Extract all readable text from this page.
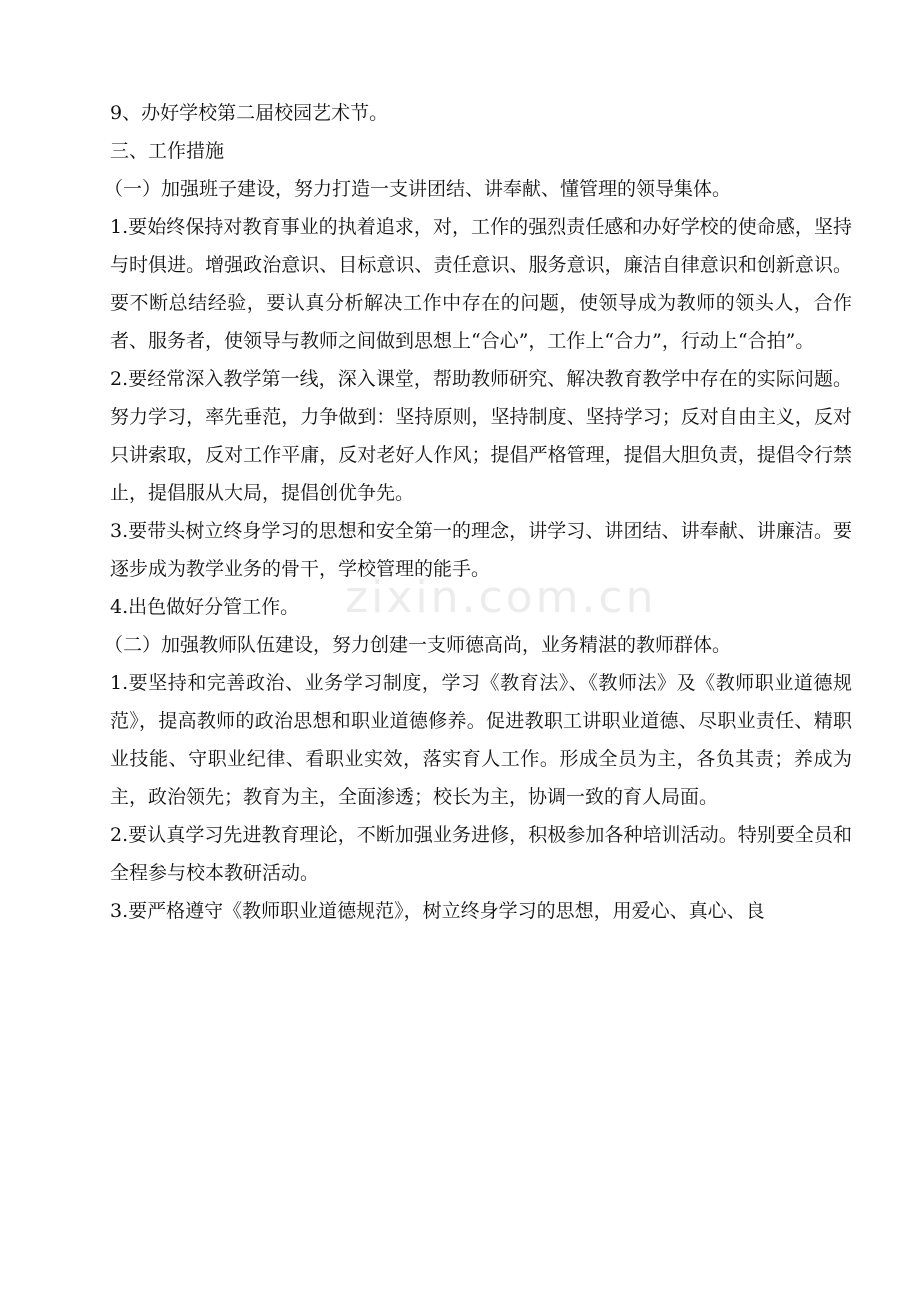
zixin.com.cn

9、办好学校第二届校园艺术节。

三、工作措施

（一）加强班子建设，努力打造一支讲团结、讲奉献、懂管理的领导集体。

1.要始终保持对教育事业的执着追求，对，工作的强烈责任感和办好学校的使命感，坚持与时俱进。增强政治意识、目标意识、责任意识、服务意识，廉洁自律意识和创新意识。要不断总结经验，要认真分析解决工作中存在的问题，使领导成为教师的领头人，合作者、服务者，使领导与教师之间做到思想上“合心”，工作上“合力”，行动上“合拍”。

2.要经常深入教学第一线，深入课堂，帮助教师研究、解决教育教学中存在的实际问题。努力学习，率先垂范，力争做到：坚持原则，坚持制度、坚持学习；反对自由主义，反对只讲索取，反对工作平庸，反对老好人作风；提倡严格管理，提倡大胆负责，提倡令行禁止，提倡服从大局，提倡创优争先。

3.要带头树立终身学习的思想和安全第一的理念，讲学习、讲团结、讲奉献、讲廉洁。要逐步成为教学业务的骨干，学校管理的能手。

4.出色做好分管工作。

（二）加强教师队伍建设，努力创建一支师德高尚，业务精湛的教师群体。

1.要坚持和完善政治、业务学习制度，学习《教育法》、《教师法》及《教师职业道德规范》，提高教师的政治思想和职业道德修养。促进教职工讲职业道德、尽职业责任、精职业技能、守职业纪律、看职业实效，落实育人工作。形成全员为主，各负其责；养成为主，政治领先；教育为主，全面渗透；校长为主，协调一致的育人局面。

2.要认真学习先进教育理论，不断加强业务进修，积极参加各种培训活动。特别要全员和全程参与校本教研活动。

3.要严格遵守《教师职业道德规范》，树立终身学习的思想，用爱心、真心、良
